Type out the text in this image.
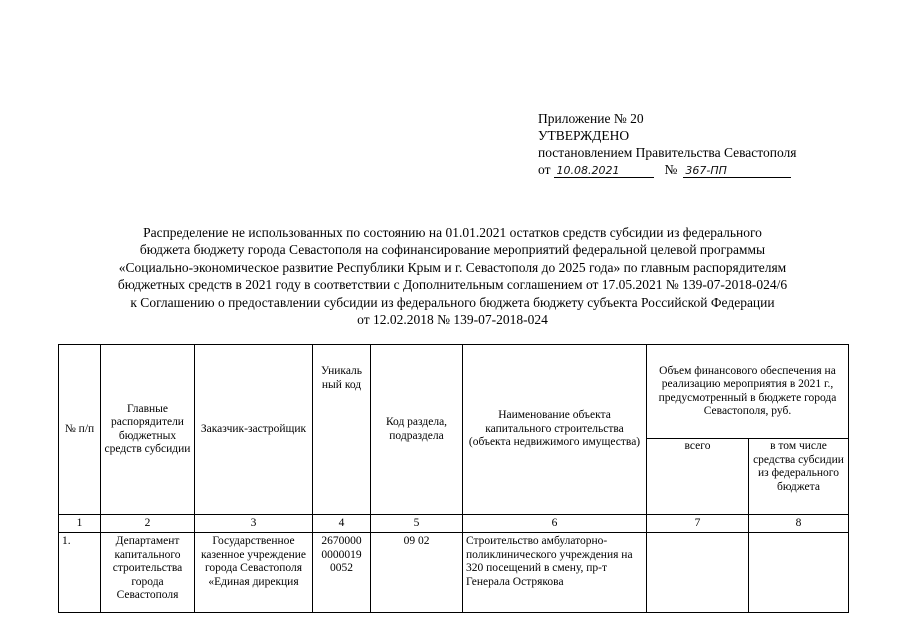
Приложение № 20
УТВЕРЖДЕНО
постановлением Правительства Севастополя
от 10.08.2021	№ 367-ПП
Распределение не использованных по состоянию на 01.01.2021 остатков средств субсидии из федерального
бюджета бюджету города Севастополя на софинансирование мероприятий федеральной целевой программы
«Социально-экономическое развитие Республики Крым и г. Севастополя до 2025 года» по главным распорядителям
бюджетных средств в 2021 году в соответствии с Дополнительным соглашением от 17.05.2021 № 139-07-2018-024/6
к Соглашению о предоставлении субсидии из федерального бюджета бюджету субъекта Российской Федерации
от 12.02.2018 № 139-07-2018-024
№ п/п	Главные распорядители бюджетных средств субсидии	Заказчик-застройщик	Уникаль ный код	Код раздела, подраздела	Наименование объекта капитального строительства (объекта недвижимого имущества)	Объем финансового обеспечения на реализацию мероприятия в 2021 г., предусмотренный в бюджете города Севастополя, руб.	
						всего	в том числе средства субсидии из федерального бюджета
1	2	3	4	5	6	7	8
1.	Департамент капитального строительства города Севастополя	Государственное казенное учреждение города Севастополя «Единая дирекция	2670000 0000019 0052	09 02	Строительство амбулаторно-поликлинического учреждения на 320 посещений в смену, пр-т Генерала Острякова		
